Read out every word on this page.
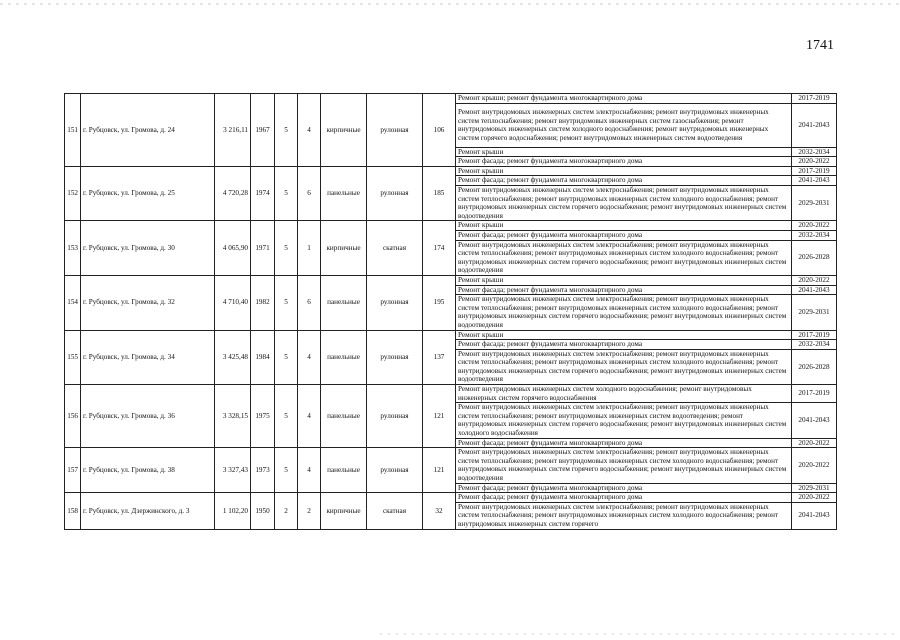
1741
151	г. Рубцовск, ул. Громова, д. 24	3 216,11	1967	5	4	кирпичные	рулонная	106	Ремонт крыши; ремонт фундамента многоквартирного дома	2017-2019
									Ремонт внутридомовых инженерных систем электроснабжения; ремонт внутридомовых инженерных систем теплоснабжения; ремонт внутридомовых инженерных систем газоснабжения; ремонт внутридомовых инженерных систем холодного водоснабжения; ремонт внутридомовых инженерных систем горячего водоснабжения; ремонт внутридомовых инженерных систем водоотведения	2041-2043
									Ремонт крыши	2032-2034
									Ремонт фасада; ремонт фундамента многоквартирного дома	2020-2022
152	г. Рубцовск, ул. Громова, д. 25	4 720,28	1974	5	6	панельные	рулонная	185	Ремонт крыши	2017-2019
									Ремонт фасада; ремонт фундамента многоквартирного дома	2041-2043
									Ремонт внутридомовых инженерных систем электроснабжения; ремонт внутридомовых инженерных систем теплоснабжения; ремонт внутридомовых инженерных систем холодного водоснабжения; ремонт внутридомовых инженерных систем горячего водоснабжения; ремонт внутридомовых инженерных систем водоотведения	2029-2031
153	г. Рубцовск, ул. Громова, д. 30	4 065,90	1971	5	1	кирпичные	скатная	174	Ремонт крыши	2020-2022
									Ремонт фасада; ремонт фундамента многоквартирного дома	2032-2034
									Ремонт внутридомовых инженерных систем электроснабжения; ремонт внутридомовых инженерных систем теплоснабжения; ремонт внутридомовых инженерных систем холодного водоснабжения; ремонт внутридомовых инженерных систем горячего водоснабжения; ремонт внутридомовых инженерных систем водоотведения	2026-2028
154	г. Рубцовск, ул. Громова, д. 32	4 710,40	1982	5	6	панельные	рулонная	195	Ремонт крыши	2020-2022
									Ремонт фасада; ремонт фундамента многоквартирного дома	2041-2043
									Ремонт внутридомовых инженерных систем электроснабжения; ремонт внутридомовых инженерных систем теплоснабжения; ремонт внутридомовых инженерных систем холодного водоснабжения; ремонт внутридомовых инженерных систем горячего водоснабжения; ремонт внутридомовых инженерных систем водоотведения	2029-2031
155	г. Рубцовск, ул. Громова, д. 34	3 425,48	1984	5	4	панельные	рулонная	137	Ремонт крыши	2017-2019
									Ремонт фасада; ремонт фундамента многоквартирного дома	2032-2034
									Ремонт внутридомовых инженерных систем электроснабжения; ремонт внутридомовых инженерных систем теплоснабжения; ремонт внутридомовых инженерных систем холодного водоснабжения; ремонт внутридомовых инженерных систем горячего водоснабжения; ремонт внутридомовых инженерных систем водоотведения	2026-2028
156	г. Рубцовск, ул. Громова, д. 36	3 328,15	1975	5	4	панельные	рулонная	121	Ремонт внутридомовых инженерных систем холодного водоснабжения; ремонт внутридомовых инженерных систем горячего водоснабжения	2017-2019
									Ремонт внутридомовых инженерных систем электроснабжения; ремонт внутридомовых инженерных систем теплоснабжения; ремонт внутридомовых инженерных систем водоотведения; ремонт внутридомовых инженерных систем горячего водоснабжения; ремонт внутридомовых инженерных систем холодного водоснабжения	2041-2043
									Ремонт фасада; ремонт фундамента многоквартирного дома	2020-2022
157	г. Рубцовск, ул. Громова, д. 38	3 327,43	1973	5	4	панельные	рулонная	121	Ремонт внутридомовых инженерных систем электроснабжения; ремонт внутридомовых инженерных систем теплоснабжения; ремонт внутридомовых инженерных систем холодного водоснабжения; ремонт внутридомовых инженерных систем горячего водоснабжения; ремонт внутридомовых инженерных систем водоотведения	2020-2022
									Ремонт фасада; ремонт фундамента многоквартирного дома	2029-2031
158	г. Рубцовск, ул. Дзержинского, д. 3	1 102,20	1950	2	2	кирпичные	скатная	32	Ремонт фасада; ремонт фундамента многоквартирного дома	2020-2022
									Ремонт внутридомовых инженерных систем электроснабжения; ремонт внутридомовых инженерных систем теплоснабжения; ремонт внутридомовых инженерных систем холодного водоснабжения; ремонт внутридомовых инженерных систем горячего	2041-2043
